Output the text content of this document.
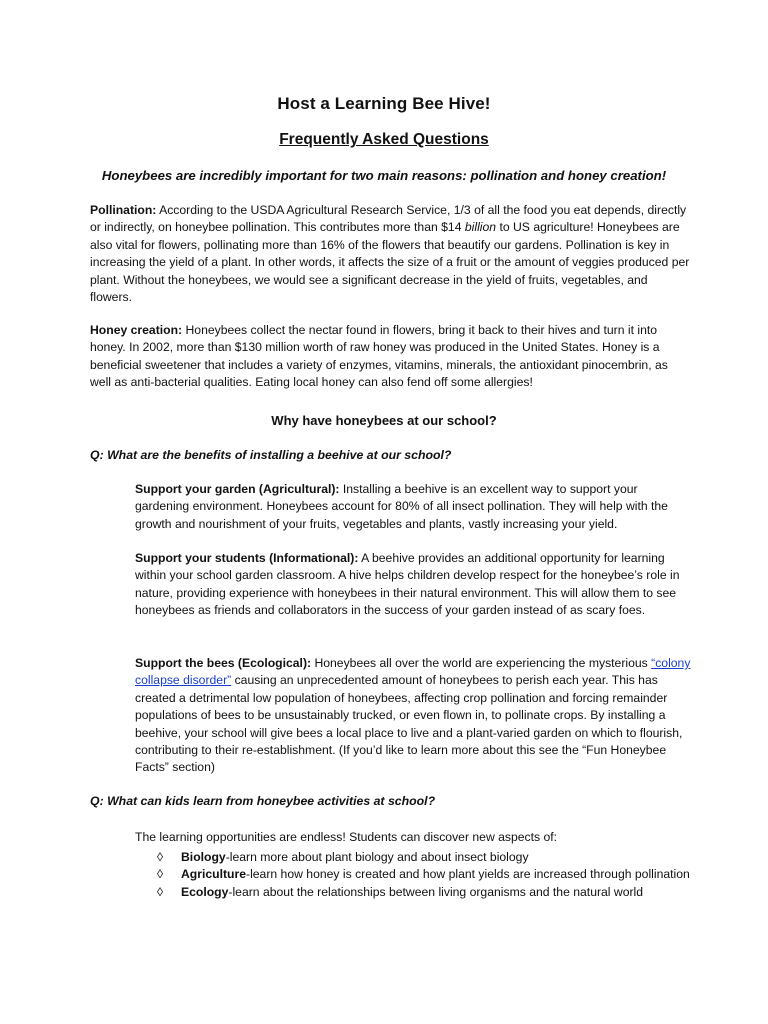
Host a Learning Bee Hive!
Frequently Asked Questions
Honeybees are incredibly important for two main reasons: pollination and honey creation!

Pollination: According to the USDA Agricultural Research Service, 1/3 of all the food you eat depends, directly or indirectly, on honeybee pollination. This contributes more than $14 billion to US agriculture! Honeybees are also vital for flowers, pollinating more than 16% of the flowers that beautify our gardens. Pollination is key in increasing the yield of a plant. In other words, it affects the size of a fruit or the amount of veggies produced per plant. Without the honeybees, we would see a significant decrease in the yield of fruits, vegetables, and flowers.

Honey creation: Honeybees collect the nectar found in flowers, bring it back to their hives and turn it into honey. In 2002, more than $130 million worth of raw honey was produced in the United States. Honey is a beneficial sweetener that includes a variety of enzymes, vitamins, minerals, the antioxidant pinocembrin, as well as anti-bacterial qualities. Eating local honey can also fend off some allergies!

Why have honeybees at our school?
Q: What are the benefits of installing a beehive at our school?

Support your garden (Agricultural): Installing a beehive is an excellent way to support your gardening environment. Honeybees account for 80% of all insect pollination. They will help with the growth and nourishment of your fruits, vegetables and plants, vastly increasing your yield.

Support your students (Informational): A beehive provides an additional opportunity for learning within your school garden classroom. A hive helps children develop respect for the honeybee’s role in nature, providing experience with honeybees in their natural environment. This will allow them to see honeybees as friends and collaborators in the success of your garden instead of as scary foes.

Support the bees (Ecological): Honeybees all over the world are experiencing the mysterious “colony collapse disorder” causing an unprecedented amount of honeybees to perish each year. This has created a detrimental low population of honeybees, affecting crop pollination and forcing remainder populations of bees to be unsustainably trucked, or even flown in, to pollinate crops. By installing a beehive, your school will give bees a local place to live and a plant-varied garden on which to flourish, contributing to their re-establishment. (If you’d like to learn more about this see the “Fun Honeybee Facts” section)

Q: What can kids learn from honeybee activities at school?

The learning opportunities are endless! Students can discover new aspects of:

◊ Biology-learn more about plant biology and about insect biology
◊ Agriculture-learn how honey is created and how plant yields are increased through pollination
◊ Ecology-learn about the relationships between living organisms and the natural world
